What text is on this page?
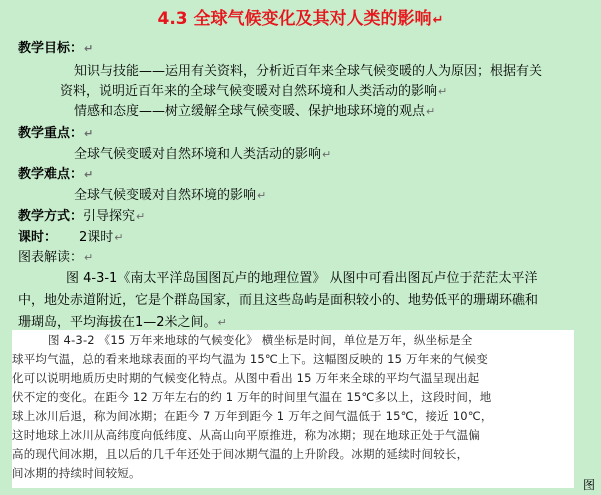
4.3 全球气候变化及其对人类的影响↵
教学目标：↵
知识与技能——运用有关资料，分析近百年来全球气候变暖的人为原因；根据有关
资料，说明近百年来的全球气候变暖对自然环境和人类活动的影响↵
情感和态度——树立缓解全球气候变暖、保护地球环境的观点↵
教学重点：↵
全球气候变暖对自然环境和人类活动的影响↵
教学难点：↵
全球气候变暖对自然环境的影响↵
教学方式：引导探究↵
课时： 2课时↵
图表解读：↵
图 4-3-1《南太平洋岛国图瓦卢的地理位置》 从图中可看出图瓦卢位于茫茫太平洋
中，地处赤道附近，它是个群岛国家，而且这些岛屿是面积较小的、地势低平的珊瑚环礁和
珊瑚岛，平均海拔在1—2米之间。↵
图 4-3-2 《15 万年来地球的气候变化》 横坐标是时间，单位是万年，纵坐标是全
球平均气温，总的看来地球表面的平均气温为 15℃上下。这幅图反映的 15 万年来的气候变
化可以说明地质历史时期的气候变化特点。从图中看出 15 万年来全球的平均气温呈现出起
伏不定的变化。在距今 12 万年左右的约 1 万年的时间里气温在 15℃多以上，这段时间，地
球上冰川后退，称为间冰期；在距今 7 万年到距今 1 万年之间气温低于 15℃，接近 10℃，
这时地球上冰川从高纬度向低纬度、从高山向平原推进，称为冰期；现在地球正处于气温偏
高的现代间冰期，且以后的几千年还处于间冰期气温的上升阶段。冰期的延续时间较长，
间冰期的持续时间较短。
图
